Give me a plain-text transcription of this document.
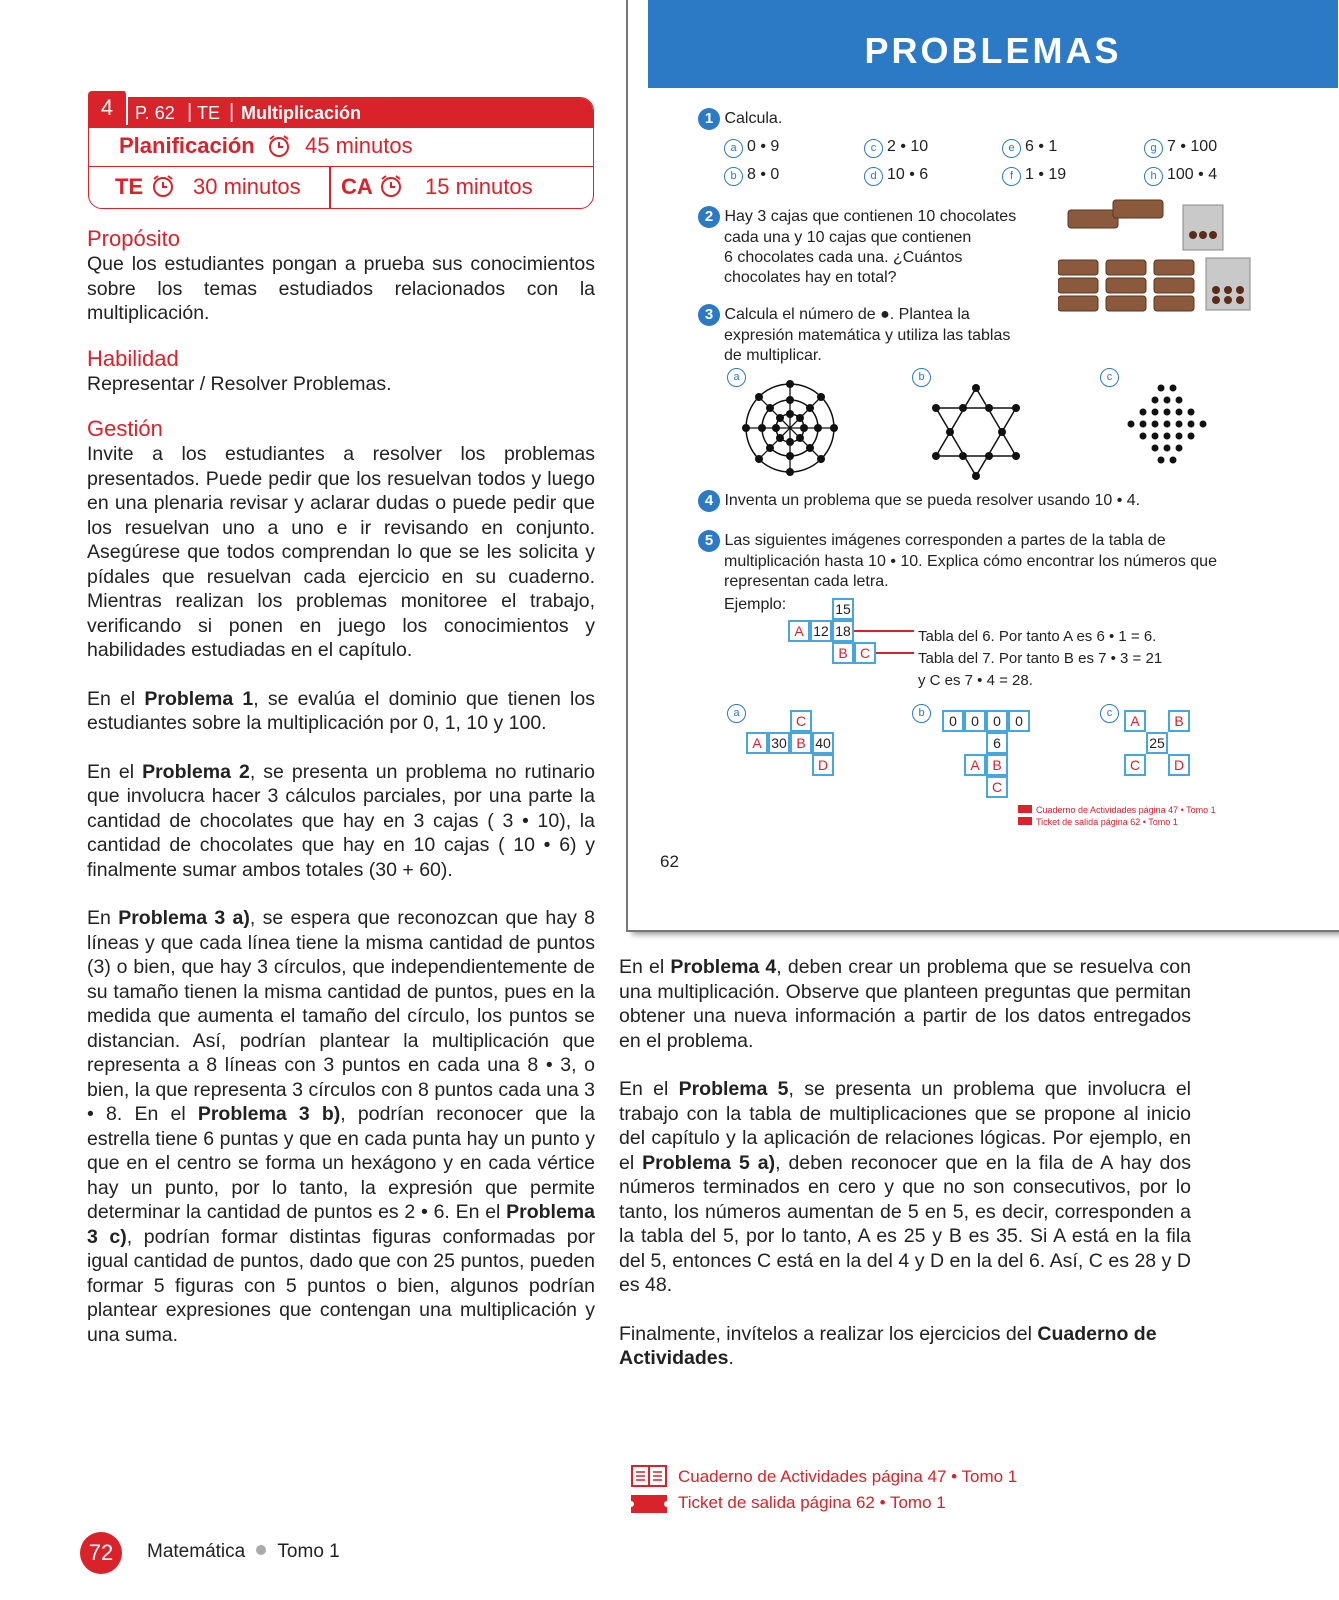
P. 62 | TE | Multiplicación
Planificación 45 minutos
TE 30 minutos CA 15 minutos
4
Propósito
Que los estudiantes pongan a prueba sus conocimientos sobre los temas estudiados relacionados con la multiplicación.
Habilidad
Representar / Resolver Problemas.
Gestión
Invite a los estudiantes a resolver los problemas presentados. Puede pedir que los resuelvan todos y luego en una plenaria revisar y aclarar dudas o puede pedir que los resuelvan uno a uno e ir revisando en conjunto. Asegúrese que todos comprendan lo que se les solicita y pídales que resuelvan cada ejercicio en su cuaderno. Mientras realizan los problemas monitoree el trabajo, verificando si ponen en juego los conocimientos y habilidades estudiadas en el capítulo.
En el Problema 1, se evalúa el dominio que tienen los estudiantes sobre la multiplicación por 0, 1, 10 y 100.
En el Problema 2, se presenta un problema no rutinario que involucra hacer 3 cálculos parciales, por una parte la cantidad de chocolates que hay en 3 cajas ( 3 • 10), la cantidad de chocolates que hay en 10 cajas ( 10 • 6) y finalmente sumar ambos totales (30 + 60).
En Problema 3 a), se espera que reconozcan que hay 8 líneas y que cada línea tiene la misma cantidad de puntos (3) o bien, que hay 3 círculos, que independientemente de su tamaño tienen la misma cantidad de puntos, pues en la medida que aumenta el tamaño del círculo, los puntos se distancian. Así, podrían plantear la multiplicación que representa a 8 líneas con 3 puntos en cada una 8 • 3, o bien, la que representa 3 círculos con 8 puntos cada una 3 • 8. En el Problema 3 b), podrían reconocer que la estrella tiene 6 puntas y que en cada punta hay un punto y que en el centro se forma un hexágono y en cada vértice hay un punto, por lo tanto, la expresión que permite determinar la cantidad de puntos es 2 • 6. En el Problema 3 c), podrían formar distintas figuras conformadas por igual cantidad de puntos, dado que con 25 puntos, pueden formar 5 figuras con 5 puntos o bien, algunos podrían plantear expresiones que contengan una multiplicación y una suma.
PROBLEMAS
1 Calcula.
a 0 • 9	c 2 • 10	e 6 • 1	g 7 • 100
b 8 • 0	d 10 • 6	f 1 • 19	h 100 • 4
2 Hay 3 cajas que contienen 10 chocolates
cada una y 10 cajas que contienen
6 chocolates cada una. ¿Cuántos
chocolates hay en total?
3 Calcula el número de ●. Plantea la
expresión matemática y utiliza las tablas
de multiplicar.
a	b	c
4 Inventa un problema que se pueda resolver usando 10 • 4.
5 Las siguientes imágenes corresponden a partes de la tabla de
multiplicación hasta 10 • 10. Explica cómo encontrar los números que
representan cada letra.
Ejemplo:	15
A 12 18
B C
Tabla del 6. Por tanto A es 6 • 1 = 6.
Tabla del 7. Por tanto B es 7 • 3 = 21
y C es 7 • 4 = 28.
a	C
A 30 B 40
D
b	0	0	0	0
6
A B
C
c	A	B
25
C	D
Cuaderno de Actividades página 47 • Tomo 1
Ticket de salida página 62 • Tomo 1
62
En el Problema 4, deben crear un problema que se resuelva con una multiplicación. Observe que planteen preguntas que permitan obtener una nueva información a partir de los datos entregados en el problema.
En el Problema 5, se presenta un problema que involucra el trabajo con la tabla de multiplicaciones que se propone al inicio del capítulo y la aplicación de relaciones lógicas. Por ejemplo, en el Problema 5 a), deben reconocer que en la fila de A hay dos números terminados en cero y que no son consecutivos, por lo tanto, los números aumentan de 5 en 5, es decir, corresponden a la tabla del 5, por lo tanto, A es 25 y B es 35. Si A está en la fila del 5, entonces C está en la del 4 y D en la del 6. Así, C es 28 y D es 48.
Finalmente, invítelos a realizar los ejercicios del Cuaderno de Actividades.
Cuaderno de Actividades página 47 • Tomo 1
Ticket de salida página 62 • Tomo 1
72	Matemática Tomo 1
